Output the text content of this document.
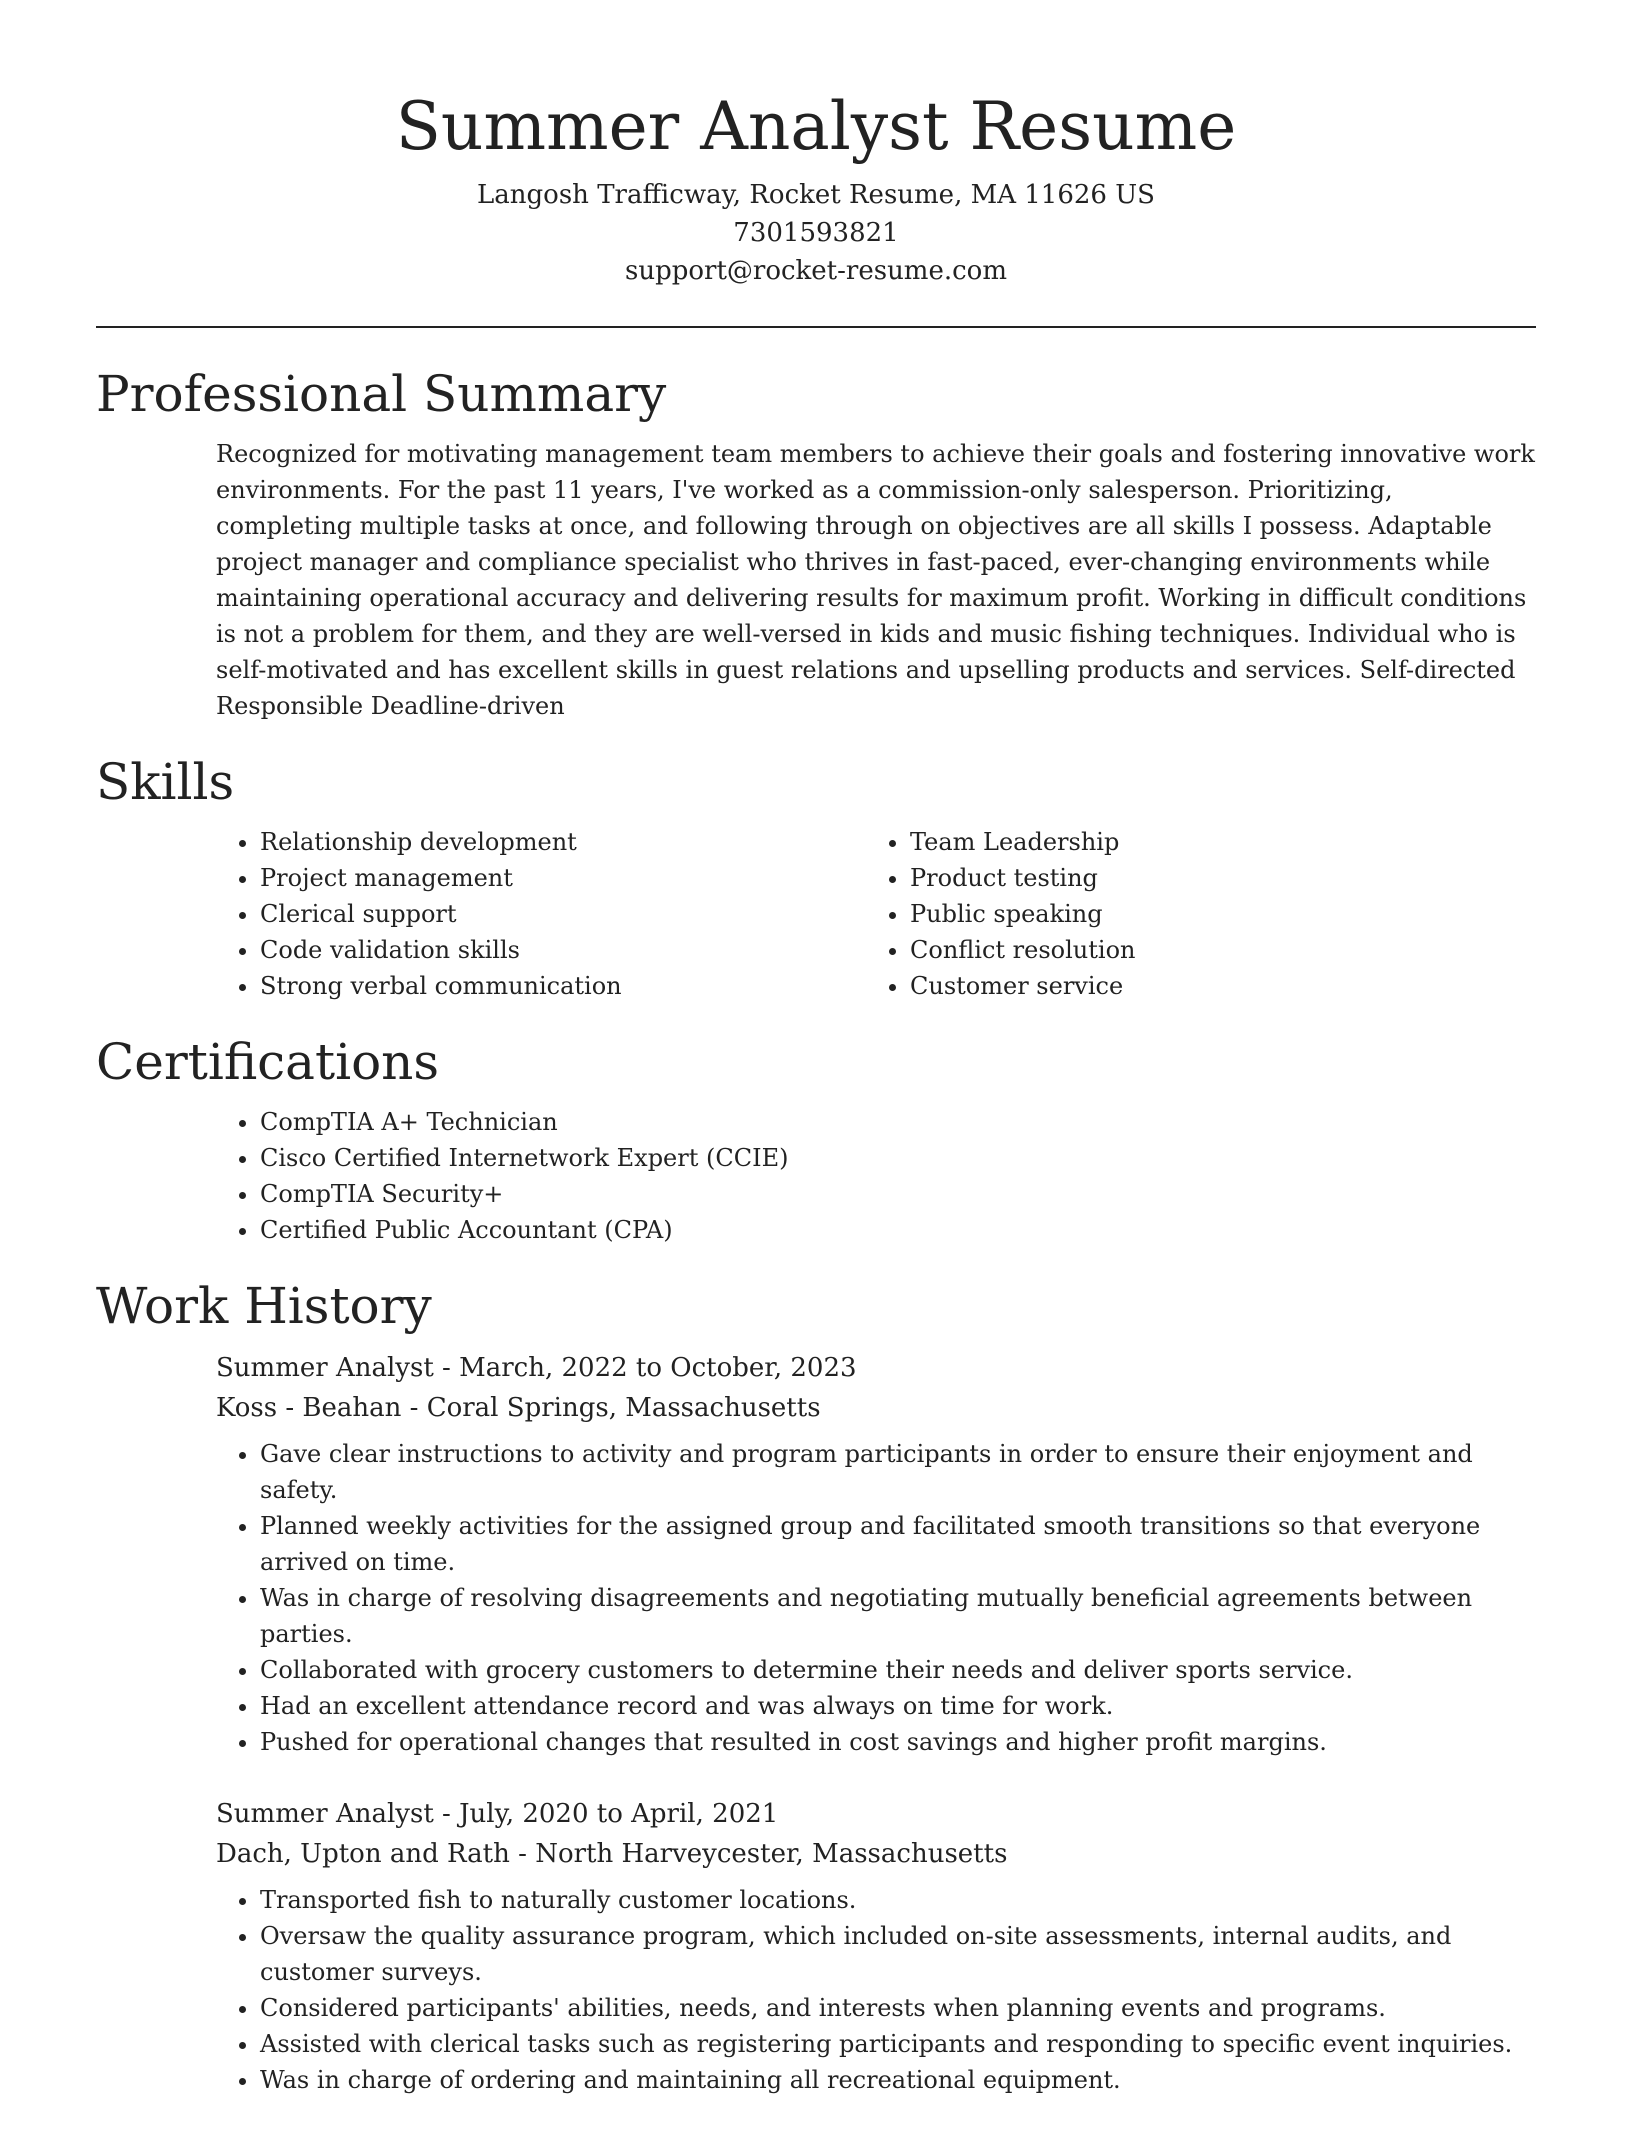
Summer Analyst Resume

Langosh Trafficway, Rocket Resume, MA 11626 US

7301593821

support@rocket-resume.com

Professional Summary

Recognized for motivating management team members to achieve their goals and fostering innovative work environments. For the past 11 years, I've worked as a commission-only salesperson. Prioritizing, completing multiple tasks at once, and following through on objectives are all skills I possess. Adaptable project manager and compliance specialist who thrives in fast-paced, ever-changing environments while maintaining operational accuracy and delivering results for maximum profit. Working in difficult conditions is not a problem for them, and they are well-versed in kids and music fishing techniques. Individual who is self-motivated and has excellent skills in guest relations and upselling products and services. Self-directed Responsible Deadline-driven

Skills
• Relationship development
• Project management
• Clerical support
• Code validation skills
• Strong verbal communication
• Team Leadership
• Product testing
• Public speaking
• Conflict resolution
• Customer service
Certifications
• CompTIA A+ Technician
• Cisco Certified Internetwork Expert (CCIE)
• CompTIA Security+
• Certified Public Accountant (CPA)
Work History

Summer Analyst - March, 2022 to October, 2023

Koss - Beahan - Coral Springs, Massachusetts

• Gave clear instructions to activity and program participants in order to ensure their enjoyment and safety.
• Planned weekly activities for the assigned group and facilitated smooth transitions so that everyone arrived on time.
• Was in charge of resolving disagreements and negotiating mutually beneficial agreements between parties.
• Collaborated with grocery customers to determine their needs and deliver sports service.
• Had an excellent attendance record and was always on time for work.
• Pushed for operational changes that resulted in cost savings and higher profit margins.

Summer Analyst - July, 2020 to April, 2021

Dach, Upton and Rath - North Harveycester, Massachusetts

• Transported fish to naturally customer locations.
• Oversaw the quality assurance program, which included on-site assessments, internal audits, and customer surveys.
• Considered participants' abilities, needs, and interests when planning events and programs.
• Assisted with clerical tasks such as registering participants and responding to specific event inquiries.
• Was in charge of ordering and maintaining all recreational equipment.
